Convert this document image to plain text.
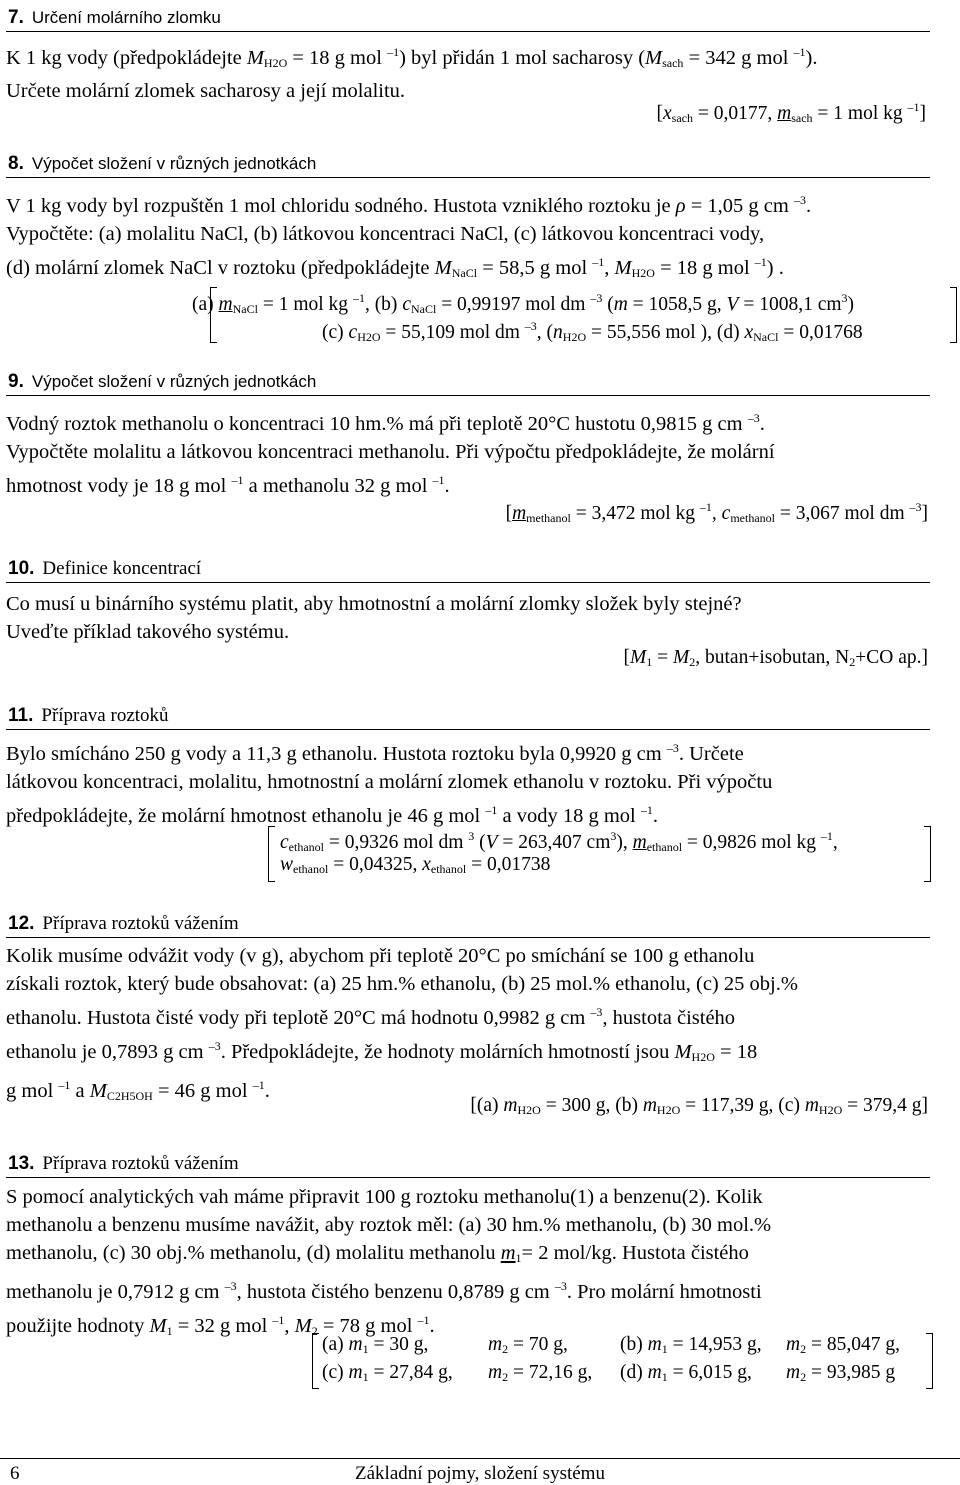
7. Určení molárního zlomku
K 1 kg vody (předpokládejte $M_{H2O} = 18$ g mol $^{-1}$) byl přidán 1 mol sacharosy ($M_{sach} = 342$ g mol $^{-1}$).
Určete molární zlomek sacharosy a její molalitu.
[$x_{sach} = 0,0177$, $m_{sach} = 1$ mol kg $^{-1}$]
8. Výpočet složení v různých jednotkách
V 1 kg vody byl rozpuštěn 1 mol chloridu sodného. Hustota vzniklého roztoku je ρ = 1,05 g cm $^{-3}$.
Vypočtěte: (a) molalitu NaCl, (b) látkovou koncentraci NaCl, (c) látkovou koncentraci vody,
(d) molární zlomek NaCl v roztoku (předpokládejte $M_{NaCl} = 58,5$ g mol $^{-1}$, $M_{H2O} = 18$ g mol $^{-1}$) .
(a) $m_{NaCl} = 1$ mol kg $^{-1}$, (b) $c_{NaCl} = 0,99197$ mol dm $^{-3}$ (m = 1058,5 g, V = 1008,1 $cm^3$)
(c) $c_{H2O} = 55,109$ mol dm $^{-3}$, ($n_{H2O} = 55,556$ mol ), (d) $x_{NaCl} = 0,01768$
9. Výpočet složení v různých jednotkách
Vodný roztok methanolu o koncentraci 10 hm.% má při teplotě 20°C hustotu 0,9815 g cm $^{-3}$.
Vypočtěte molalitu a látkovou koncentraci methanolu. Při výpočtu předpokládejte, že molární
hmotnost vody je 18 g mol $^{-1}$ a methanolu 32 g mol $^{-1}$.
[$m_{methanol} = 3,472$ mol kg $^{-1}$, $c_{methanol} = 3,067$ mol dm $^{-3}$]
10. Definice koncentrací
Co musí u binárního systému platit, aby hmotnostní a molární zlomky složek byly stejné?
Uveďte příklad takového systému.
[$M_1 = M_2$, butan+isobutan, $N_2+CO$ ap.]
11. Příprava roztoků
Bylo smícháno 250 g vody a 11,3 g ethanolu. Hustota roztoku byla 0,9920 g cm $^{-3}$. Určete
látkovou koncentraci, molalitu, hmotnostní a molární zlomek ethanolu v roztoku. Při výpočtu
předpokládejte, že molární hmotnost ethanolu je 46 g mol $^{-1}$ a vody 18 g mol $^{-1}$.
$c_{ethanol} = 0,9326$ mol dm $^3$ (V = 263,407 $cm^3$), $m_{ethanol} = 0,9826$ mol kg $^{-1}$,
$w_{ethanol} = 0,04325$, $x_{ethanol} = 0,01738$
12. Příprava roztoků vážením
Kolik musíme odvážit vody (v g), abychom při teplotě 20°C po smíchání se 100 g ethanolu
získali roztok, který bude obsahovat: (a) 25 hm.% ethanolu, (b) 25 mol.% ethanolu, (c) 25 obj.%
ethanolu. Hustota čisté vody při teplotě 20°C má hodnotu 0,9982 g cm $^{-3}$, hustota čistého
ethanolu je 0,7893 g cm $^{-3}$. Předpokládejte, že hodnoty molárních hmotností jsou $M_{H2O} = 18$
g mol $^{-1}$ a $M_{C2H5OH} = 46$ g mol $^{-1}$.
[(a) $m_{H2O} = 300$ g, (b) $m_{H2O} = 117,39$ g, (c) $m_{H2O} = 379,4$ g]
13. Příprava roztoků vážením
S pomocí analytických vah máme připravit 100 g roztoku methanolu(1) a benzenu(2). Kolik
methanolu a benzenu musíme navážit, aby roztok měl: (a) 30 hm.% methanolu, (b) 30 mol.%
methanolu, (c) 30 obj.% methanolu, (d) molalitu methanolu $m_1= 2$ mol/kg. Hustota čistého
methanolu je 0,7912 g cm $^{-3}$, hustota čistého benzenu 0,8789 g cm $^{-3}$. Pro molární hmotnosti
použijte hodnoty $M_1 = 32$ g mol $^{-1}$, $M_2 = 78$ g mol $^{-1}$.
(a) $m_1 = 30$ g,	$m_2 = 70$ g,	(b) $m_1 = 14,953$ g, $m_2 = 85,047$ g,
(c) $m_1 = 27,84$ g, $m_2 = 72,16$ g, (d) $m_1 = 6,015$ g, $m_2 = 93,985$ g
6	Základní pojmy, složení systému
